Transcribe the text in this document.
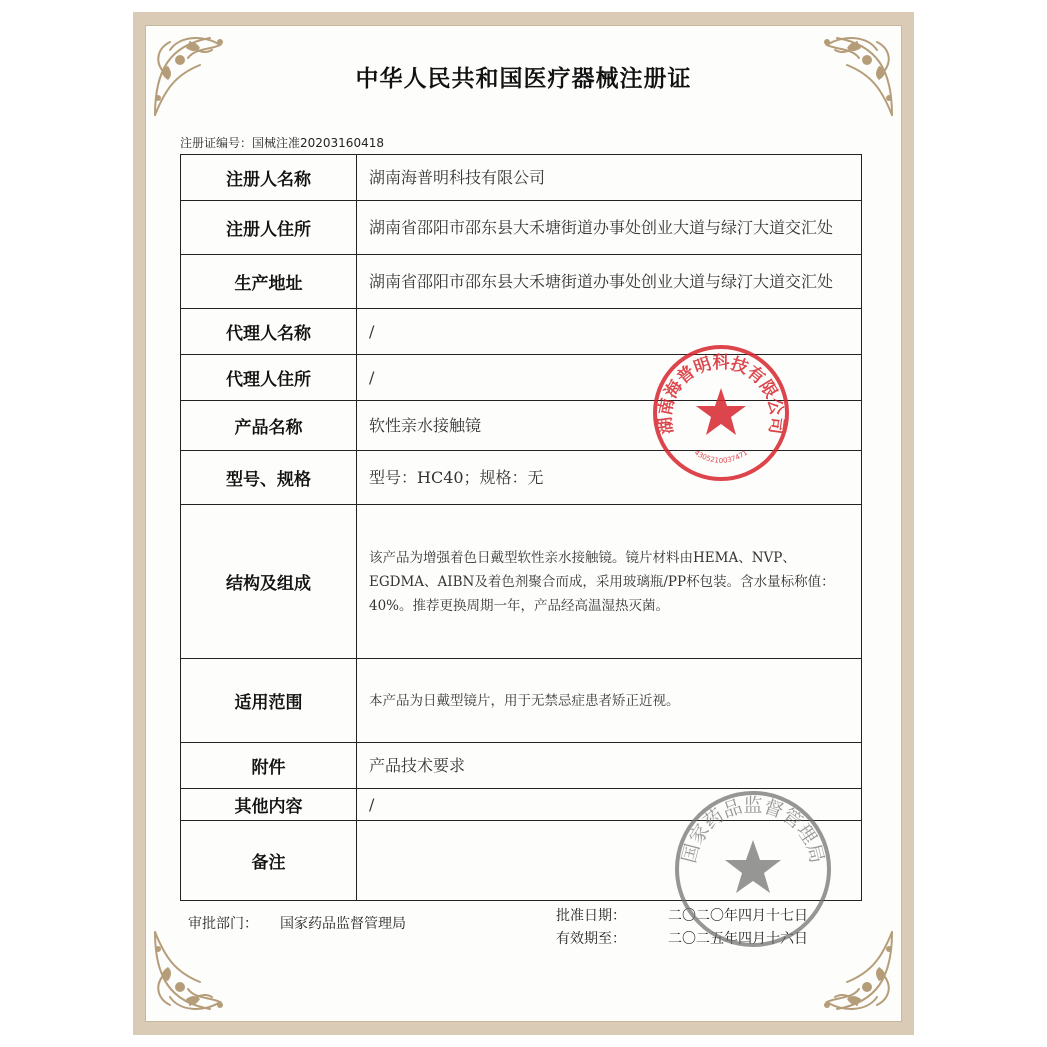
中华人民共和国医疗器械注册证
注册证编号：国械注准20203160418
注册人名称	湖南海普明科技有限公司
注册人住所	湖南省邵阳市邵东县大禾塘街道办事处创业大道与绿汀大道交汇处
生产地址	湖南省邵阳市邵东县大禾塘街道办事处创业大道与绿汀大道交汇处
代理人名称	/
代理人住所	/
产品名称	软性亲水接触镜
型号、规格	型号：HC40；规格：无
结构及组成	该产品为增强着色日戴型软性亲水接触镜。镜片材料由HEMA、NVP、EGDMA、AIBN及着色剂聚合而成，采用玻璃瓶/PP杯包装。含水量标称值：40%。推荐更换周期一年，产品经高温湿热灭菌。
适用范围	本产品为日戴型镜片，用于无禁忌症患者矫正近视。
附件	产品技术要求
其他内容	/
备注	
审批部门： 国家药品监督管理局	批准日期：	二〇二〇年四月十七日
有效期至：	二〇二五年四月十六日
湖南海普明科技有限公司
4305210037471
国家药品监督管理局
